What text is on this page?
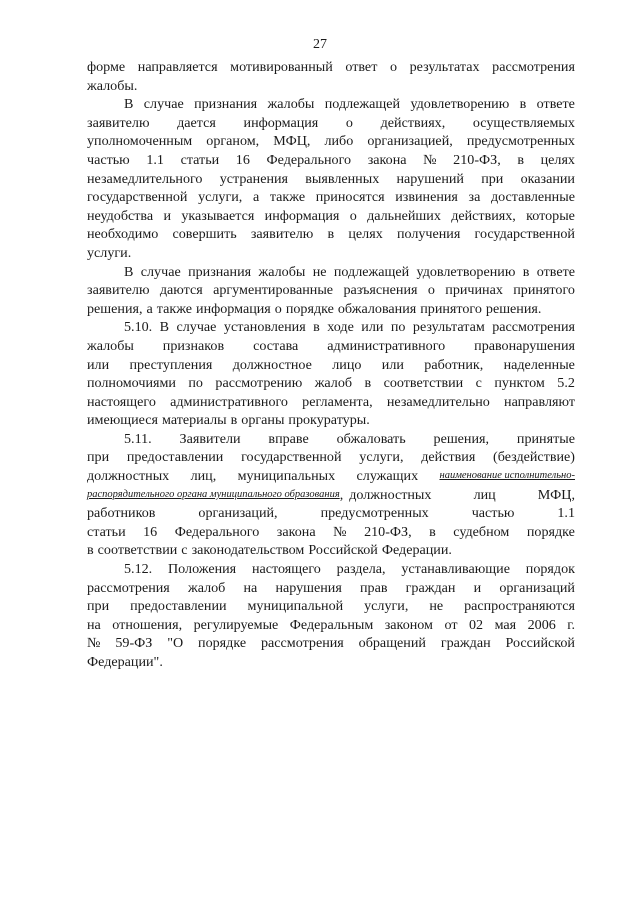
27
форме направляется мотивированный ответ о результатах рассмотрения
жалобы.
В случае признания жалобы подлежащей удовлетворению в ответе
заявителю дается информация о действиях, осуществляемых
уполномоченным органом, МФЦ, либо организацией, предусмотренных
частью 1.1 статьи 16 Федерального закона № 210-ФЗ, в целях
незамедлительного устранения выявленных нарушений при оказании
государственной услуги, а также приносятся извинения за доставленные
неудобства и указывается информация о дальнейших действиях, которые
необходимо совершить заявителю в целях получения государственной
услуги.
В случае признания жалобы не подлежащей удовлетворению в ответе
заявителю даются аргументированные разъяснения о причинах принятого
решения, а также информация о порядке обжалования принятого решения.
5.10. В случае установления в ходе или по результатам рассмотрения
жалобы признаков состава административного правонарушения
или преступления должностное лицо или работник, наделенные
полномочиями по рассмотрению жалоб в соответствии с пунктом 5.2
настоящего административного регламента, незамедлительно направляют
имеющиеся материалы в органы прокуратуры.
5.11. Заявители вправе обжаловать решения, принятые
при предоставлении государственной услуги, действия (бездействие)
должностных лиц, муниципальных служащих наименование исполнительно-
распорядительного органа муниципального образования , должностных	лиц	МФЦ,
работников	организаций,	предусмотренных	частью	1.1
статьи 16 Федерального закона № 210-ФЗ, в судебном порядке
в соответствии с законодательством Российской Федерации.
5.12. Положения настоящего раздела, устанавливающие порядок
рассмотрения жалоб на нарушения прав граждан и организаций
при предоставлении муниципальной услуги, не распространяются
на отношения, регулируемые Федеральным законом от 02 мая 2006 г.
№ 59-ФЗ "О порядке рассмотрения обращений граждан Российской
Федерации".
